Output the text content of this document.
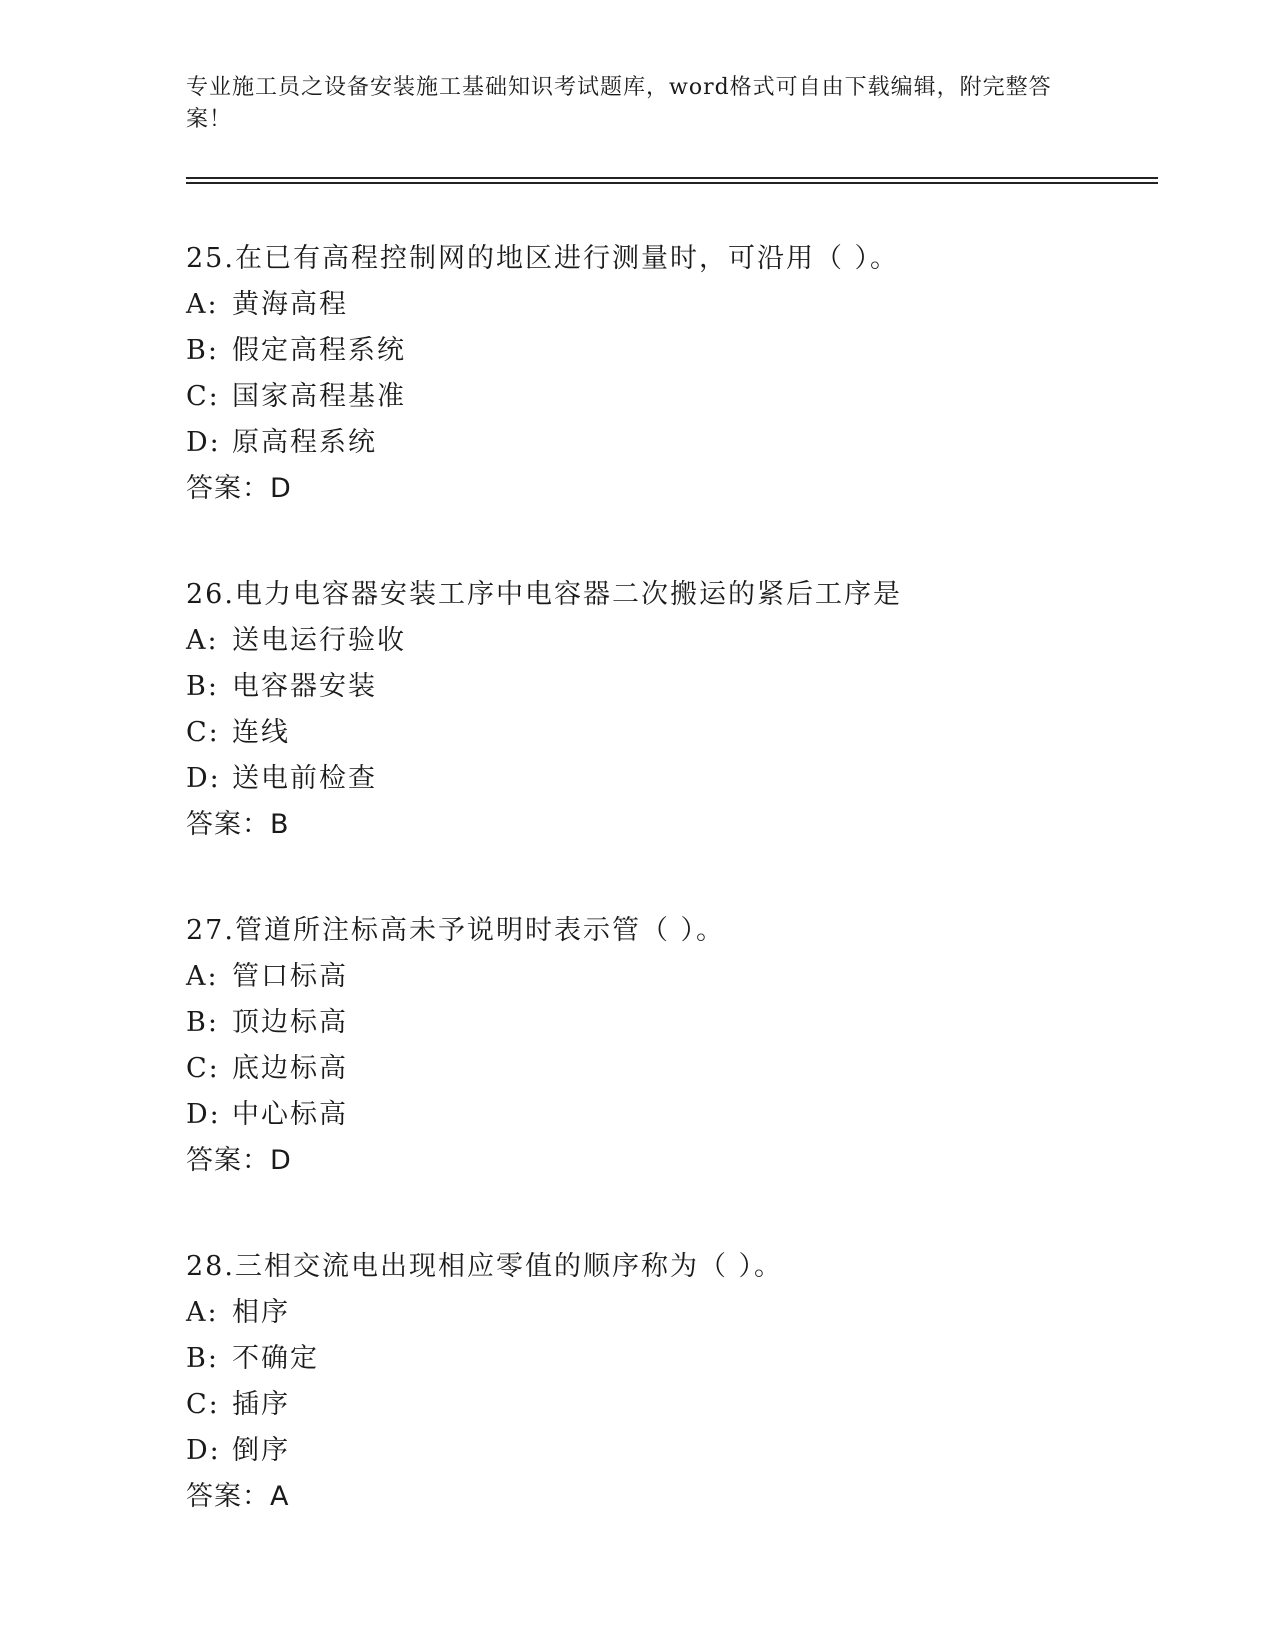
专业施工员之设备安装施工基础知识考试题库，word格式可自由下载编辑，附完整答案！
25.在已有高程控制网的地区进行测量时，可沿用（ ）。
A: 黄海高程
B: 假定高程系统
C: 国家高程基准
D: 原高程系统
答案：D
26.电力电容器安装工序中电容器二次搬运的紧后工序是
A: 送电运行验收
B: 电容器安装
C: 连线
D: 送电前检查
答案：B
27.管道所注标高未予说明时表示管（ ）。
A: 管口标高
B: 顶边标高
C: 底边标高
D: 中心标高
答案：D
28.三相交流电出现相应零值的顺序称为（ ）。
A: 相序
B: 不确定
C: 插序
D: 倒序
答案：A
